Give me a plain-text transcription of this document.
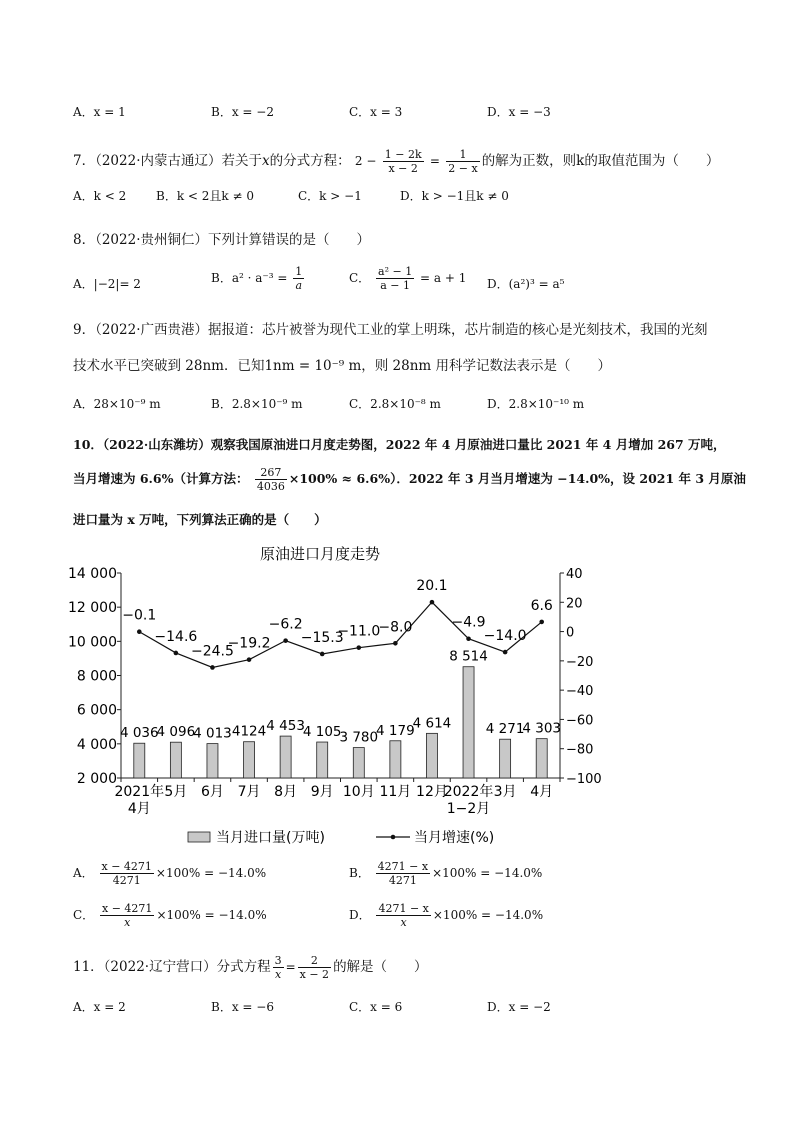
A．x = 1	B．x = −2	C．x = 3	D．x = −3
7．（2022·内蒙古通辽）若关于x的分式方程： $2 - \frac{1 - 2k}{x - 2} = \frac{1}{2 - x}$ 的解为正数，则k的取值范围为（　　）
A．k < 2 B．k < 2且k ≠ 0	C．k > −1	D．k > −1且k ≠ 0
8．（2022·贵州铜仁）下列计算错误的是（　　）
A．|−2|= 2	B．$a^2 \cdot a^{-3} = \frac{1}{a}$	C． $\frac{\text{a² − 1}}{a - 1} = a + 1$ D．(a²)³ = a⁵
9．（2022·广西贵港）据报道：芯片被誉为现代工业的掌上明珠，芯片制造的核心是光刻技术，我国的光刻
技术水平已突破到 28nm．已知1nm = 10⁻⁹ m，则 28nm 用科学记数法表示是（　　）
A．28×10⁻⁹ m	B．2.8×10⁻⁹ m	C．2.8×10⁻⁸ m	D．2.8×10⁻¹⁰ m
10．（2022·山东潍坊）观察我国原油进口月度走势图，2022 年 4 月原油进口量比 2021 年 4 月增加 267 万吨，
当月增速为 6.6%（计算方法： $\frac{267}{4036} \times 100\% \approx 6.6\%$）．2022 年 3 月当月增速为 −14.0%，设 2021 年 3 月原油
进口量为 x 万吨，下列算法正确的是（　　）
原油进口月度走势
2 000
4 000
6 000
8 000
10 000
12 000
14 000
−100
−80
−60
−40
−20
0
20
40
4 036
4 096
4 013 4124 4 453
4 105
3 780
4 179
4 614
8 514
4 271
4 303
−0.1
−14.6
−24.5
−19.2
−6.2
−15.3
−11.0
−8.0
20.1
−4.9
−14.0
6.6
2021年
4月
5月 6月 7月 8月 9月 10月 11月 12月
2022年
1−2月
3月 4月
当月进口量(万吨)	当月增速(%)
A． $\frac{x - 4271}{4271} \times 100\% = -14.0\%$	B． $\frac{4271 - x}{4271} \times 100\% = -14.0\%$
C． $\frac{x - 4271}{x} \times 100\% = -14.0\%$	D． $\frac{4271 - x}{x} \times 100\% = -14.0\%$
11．（2022·辽宁营口）分式方程 $\frac{3}{x} = \frac{2}{x - 2}$ 的解是（　　）
A．x = 2	B．x = −6	C．x = 6	D．x = −2
